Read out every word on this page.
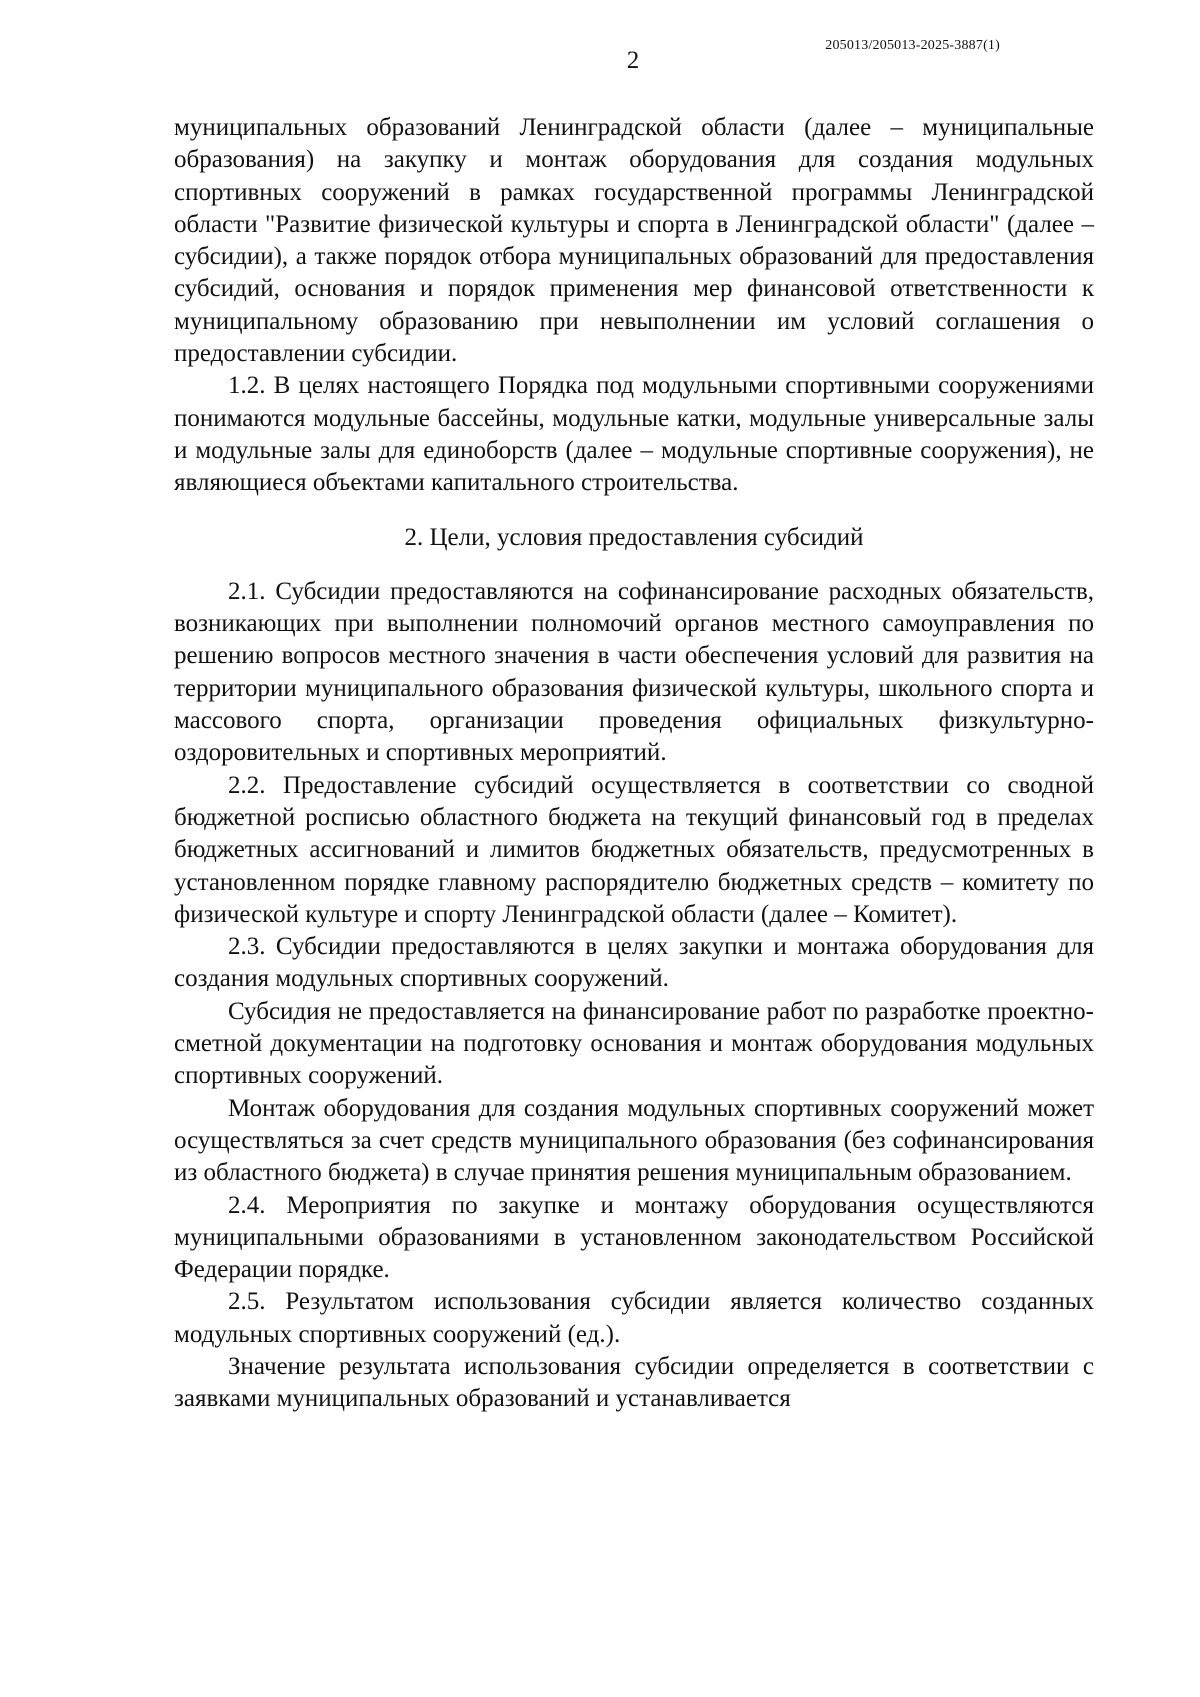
205013/205013-2025-3887(1)
2

муниципальных образований Ленинградской области (далее – муниципальные образования) на закупку и монтаж оборудования для создания модульных спортивных сооружений в рамках государственной программы Ленинградской области "Развитие физической культуры и спорта в Ленинградской области" (далее – субсидии), а также порядок отбора муниципальных образований для предоставления субсидий, основания и порядок применения мер финансовой ответственности к муниципальному образованию при невыполнении им условий соглашения о предоставлении субсидии.

1.2. В целях настоящего Порядка под модульными спортивными сооружениями понимаются модульные бассейны, модульные катки, модульные универсальные залы и модульные залы для единоборств (далее – модульные спортивные сооружения), не являющиеся объектами капитального строительства.

2. Цели, условия предоставления субсидий

2.1. Субсидии предоставляются на софинансирование расходных обязательств, возникающих при выполнении полномочий органов местного самоуправления по решению вопросов местного значения в части обеспечения условий для развития на территории муниципального образования физической культуры, школьного спорта и массового спорта, организации проведения официальных физкультурно-оздоровительных и спортивных мероприятий.

2.2. Предоставление субсидий осуществляется в соответствии со сводной бюджетной росписью областного бюджета на текущий финансовый год в пределах бюджетных ассигнований и лимитов бюджетных обязательств, предусмотренных в установленном порядке главному распорядителю бюджетных средств – комитету по физической культуре и спорту Ленинградской области (далее – Комитет).

2.3. Субсидии предоставляются в целях закупки и монтажа оборудования для создания модульных спортивных сооружений.

Субсидия не предоставляется на финансирование работ по разработке проектно-сметной документации на подготовку основания и монтаж оборудования модульных спортивных сооружений.

Монтаж оборудования для создания модульных спортивных сооружений может осуществляться за счет средств муниципального образования (без софинансирования из областного бюджета) в случае принятия решения муниципальным образованием.

2.4. Мероприятия по закупке и монтажу оборудования осуществляются муниципальными образованиями в установленном законодательством Российской Федерации порядке.

2.5. Результатом использования субсидии является количество созданных модульных спортивных сооружений (ед.).

Значение результата использования субсидии определяется в соответствии с заявками муниципальных образований и устанавливается
